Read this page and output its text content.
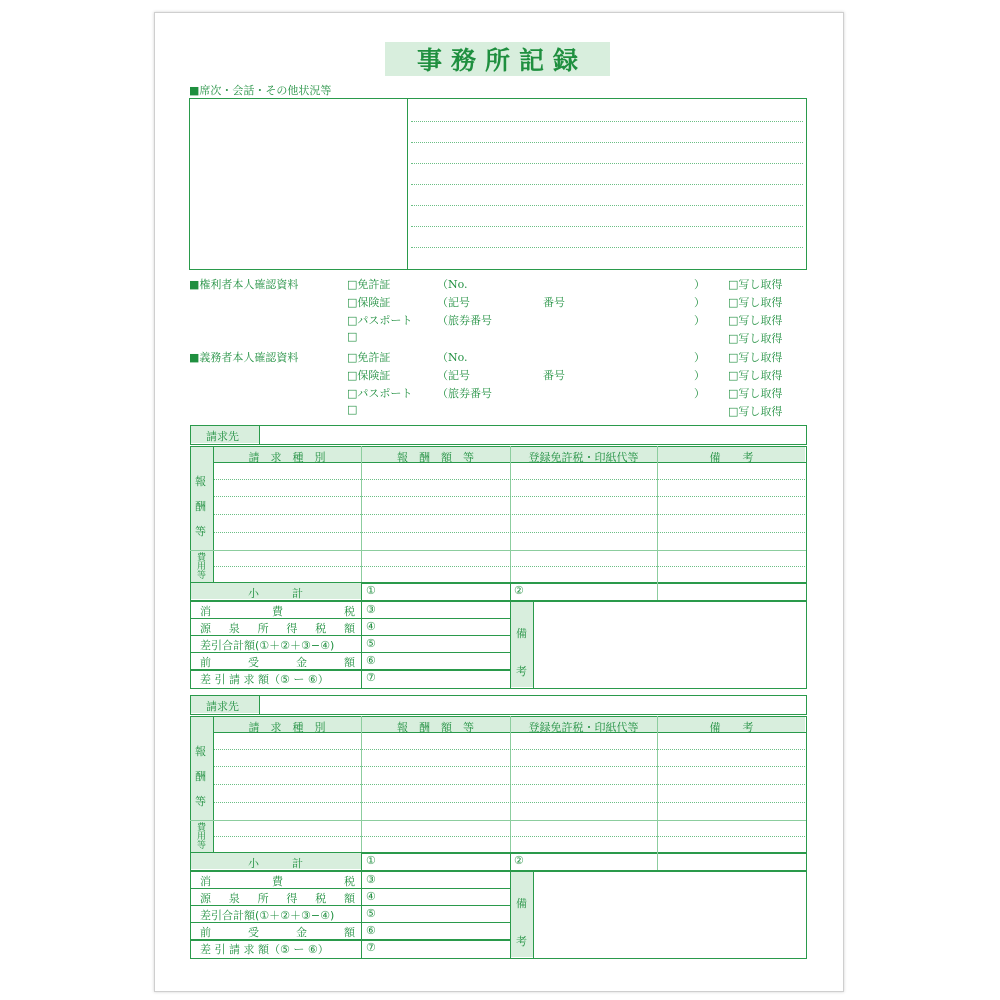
事務所記録
■席次・会話・その他状況等
■権利者本人確認資料	□免許証	（No.	） □写し取得
□保険証	（記号	番号	） □写し取得
□パスポート （旅券番号	） □写し取得
□	□写し取得
■義務者本人確認資料	□免許証	（No.	） □写し取得
□保険証	（記号	番号	） □写し取得
□パスポート （旅券番号	） □写し取得
□	□写し取得
請求先
請　求　種　別	報　酬　額　等	登録免許税・印紙代等	備　　考
報
酬
等
費
用
等
小　　　計	①	②
消	費	税 ③
源 泉 所 得 税 額 ④
差引合計額(①＋②＋③−④)	⑤
前	受	金	額 ⑥
差 引 請 求 額（⑤ ー ⑥）	⑦
備
考
請求先
請　求　種　別	報　酬　額　等	登録免許税・印紙代等	備　　考
報
酬
等
費
用
等
小　　　計	①	②
消	費	税 ③
源 泉 所 得 税 額 ④
差引合計額(①＋②＋③−④)	⑤
前	受	金	額 ⑥
差 引 請 求 額（⑤ ー ⑥）	⑦
備
考
